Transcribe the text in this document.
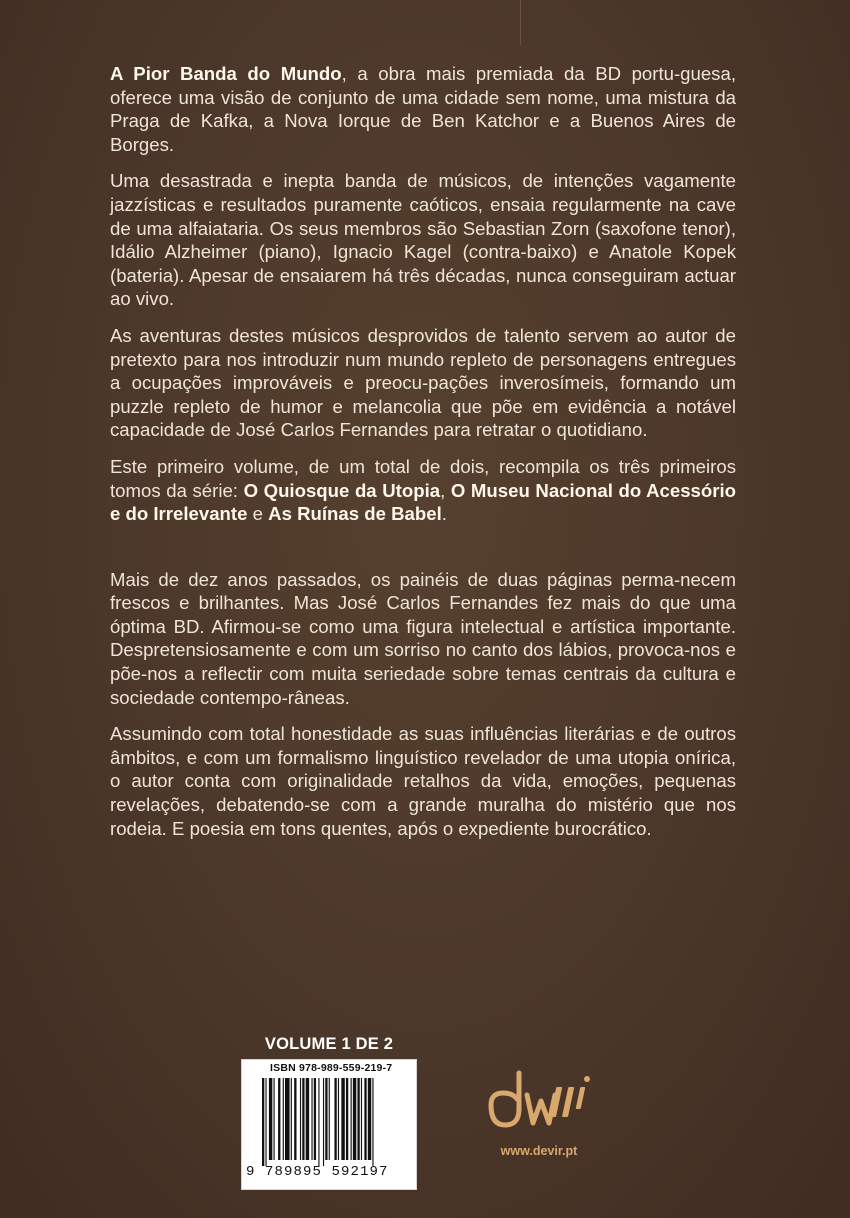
A Pior Banda do Mundo, a obra mais premiada da BD portu-guesa, oferece uma visão de conjunto de uma cidade sem nome, uma mistura da Praga de Kafka, a Nova Iorque de Ben Katchor e a Buenos Aires de Borges.

Uma desastrada e inepta banda de músicos, de intenções vagamente jazzísticas e resultados puramente caóticos, ensaia regularmente na cave de uma alfaiataria. Os seus membros são Sebastian Zorn (saxofone tenor), Idálio Alzheimer (piano), Ignacio Kagel (contra-baixo) e Anatole Kopek (bateria). Apesar de ensaiarem há três décadas, nunca conseguiram actuar ao vivo.

As aventuras destes músicos desprovidos de talento servem ao autor de pretexto para nos introduzir num mundo repleto de personagens entregues a ocupações improváveis e preocu-pações inverosímeis, formando um puzzle repleto de humor e melancolia que põe em evidência a notável capacidade de José Carlos Fernandes para retratar o quotidiano.

Este primeiro volume, de um total de dois, recompila os três primeiros tomos da série: O Quiosque da Utopia, O Museu Nacional do Acessório e do Irrelevante e As Ruínas de Babel.

Mais de dez anos passados, os painéis de duas páginas perma-necem frescos e brilhantes. Mas José Carlos Fernandes fez mais do que uma óptima BD. Afirmou-se como uma figura intelectual e artística importante. Despretensiosamente e com um sorriso no canto dos lábios, provoca-nos e põe-nos a reflectir com muita seriedade sobre temas centrais da cultura e sociedade contempo-râneas.

Assumindo com total honestidade as suas influências literárias e de outros âmbitos, e com um formalismo linguístico revelador de uma utopia onírica, o autor conta com originalidade retalhos da vida, emoções, pequenas revelações, debatendo-se com a grande muralha do mistério que nos rodeia. E poesia em tons quentes, após o expediente burocrático.

VOLUME 1 DE 2
ISBN 978-989-559-219-7
9 789895 592197
www.devir.pt
